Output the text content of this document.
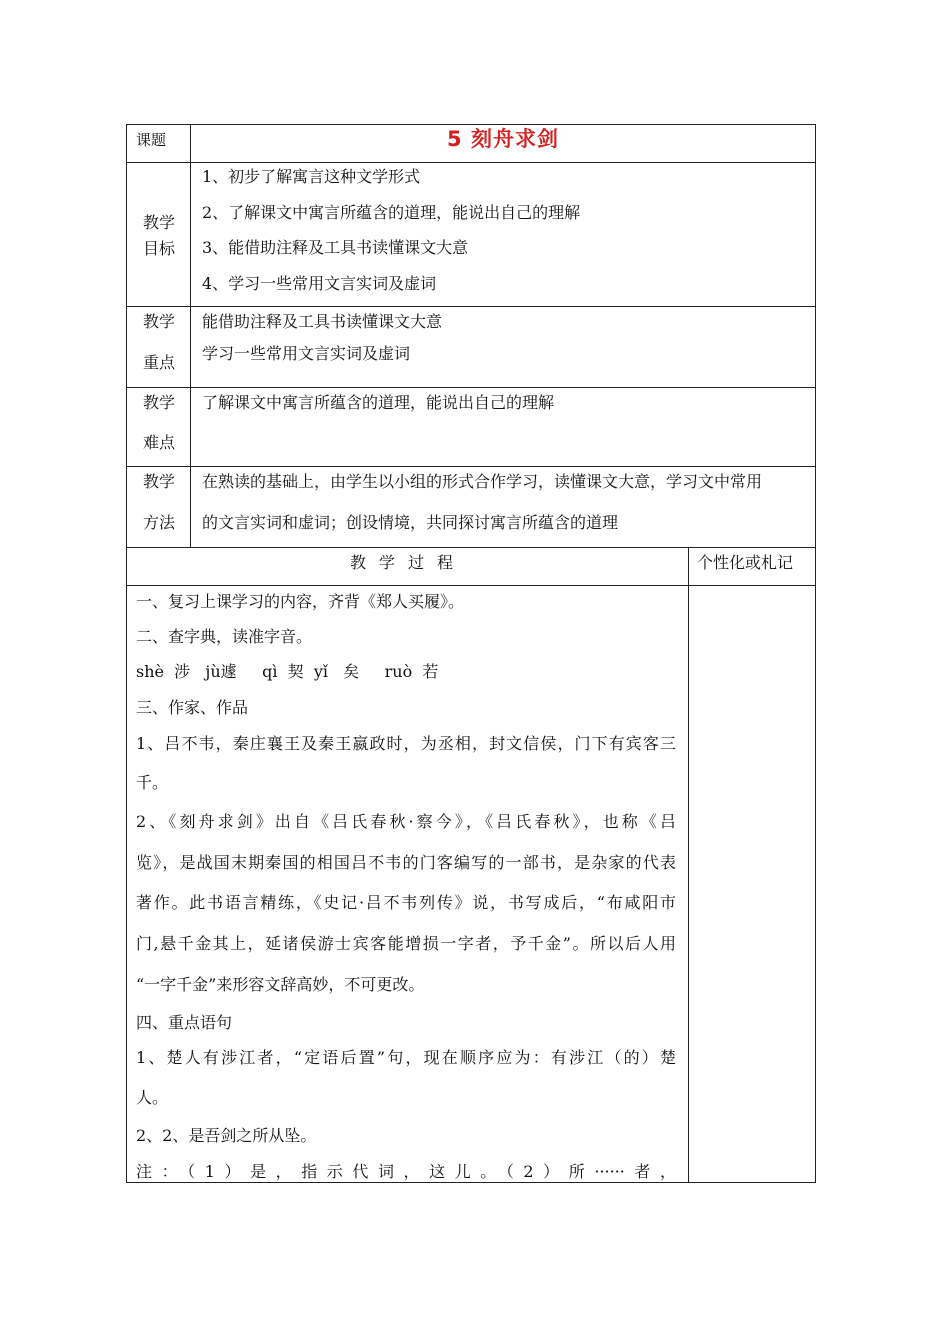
课题	5 刻舟求剑
教学
目标
1、初步了解寓言这种文学形式
2、了解课文中寓言所蕴含的道理，能说出自己的理解
3、能借助注释及工具书读懂课文大意
4、学习一些常用文言实词及虚词
教学
重点
能借助注释及工具书读懂课文大意
学习一些常用文言实词及虚词
教学
难点
了解课文中寓言所蕴含的道理，能说出自己的理解
教学
方法
在熟读的基础上，由学生以小组的形式合作学习，读懂课文大意，学习文中常用
的文言实词和虚词；创设情境，共同探讨寓言所蕴含的道理
教学过程	个性化或札记
一、复习上课学习的内容，齐背《郑人买履》。
二、查字典，读准字音。
shè  涉   jù遽     qì  契  yǐ   矣     ruò  若
三、作家、作品
1、吕不韦，秦庄襄王及秦王嬴政时，为丞相，封文信侯，门下有宾客三
千。
2、《刻舟求剑》出自《吕氏春秋·察今》，《吕氏春秋》，也称《吕
览》，是战国末期秦国的相国吕不韦的门客编写的一部书，是杂家的代表
著作。此书语言精练，《史记·吕不韦列传》说，书写成后，“布咸阳市
门,悬千金其上，延诸侯游士宾客能增损一字者，予千金”。所以后人用
“一字千金”来形容文辞高妙，不可更改。
四、重点语句
1、楚人有涉江者，“定语后置”句，现在顺序应为：有涉江（的）楚
人。
2、2、是吾剑之所从坠。
注：（1）是，指示代词，这儿。（2）所······者，
